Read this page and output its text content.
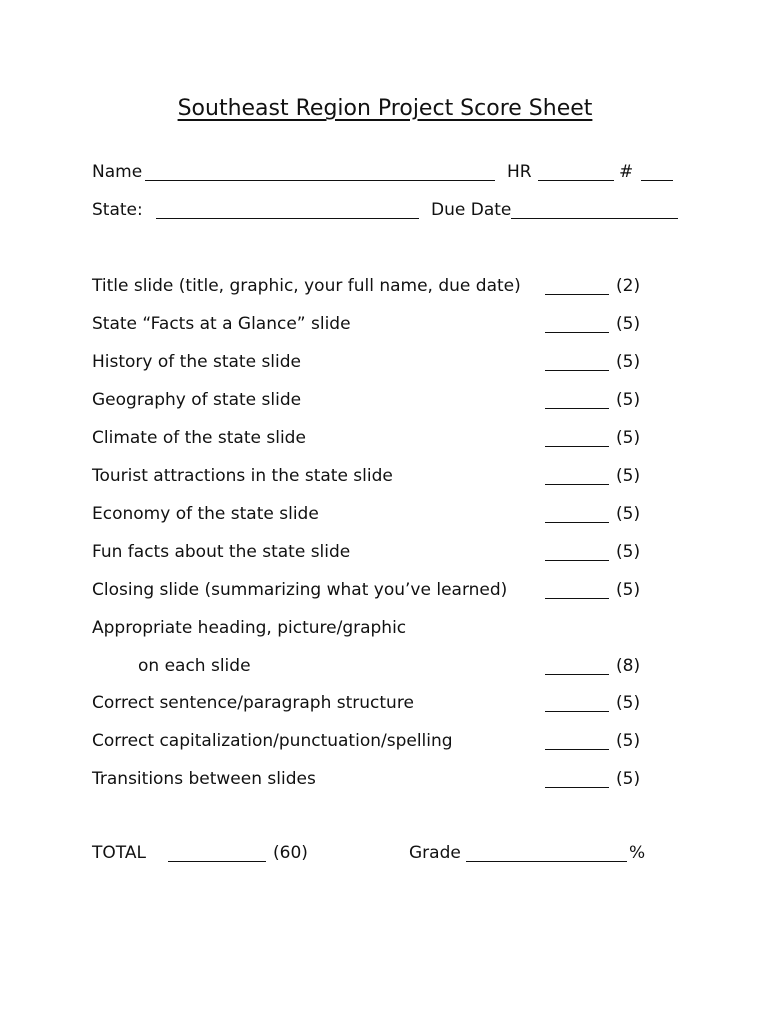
Southeast Region Project Score Sheet
Name	HR	#
State:	Due Date
Title slide (title, graphic, your full name, due date)	(2)
State “Facts at a Glance” slide	(5)
History of the state slide	(5)
Geography of state slide	(5)
Climate of the state slide	(5)
Tourist attractions in the state slide	(5)
Economy of the state slide	(5)
Fun facts about the state slide	(5)
Closing slide (summarizing what you’ve learned)	(5)
Appropriate heading, picture/graphic
on each slide	(8)
Correct sentence/paragraph structure	(5)
Correct capitalization/punctuation/spelling	(5)
Transitions between slides	(5)
TOTAL	(60)	Grade	%
